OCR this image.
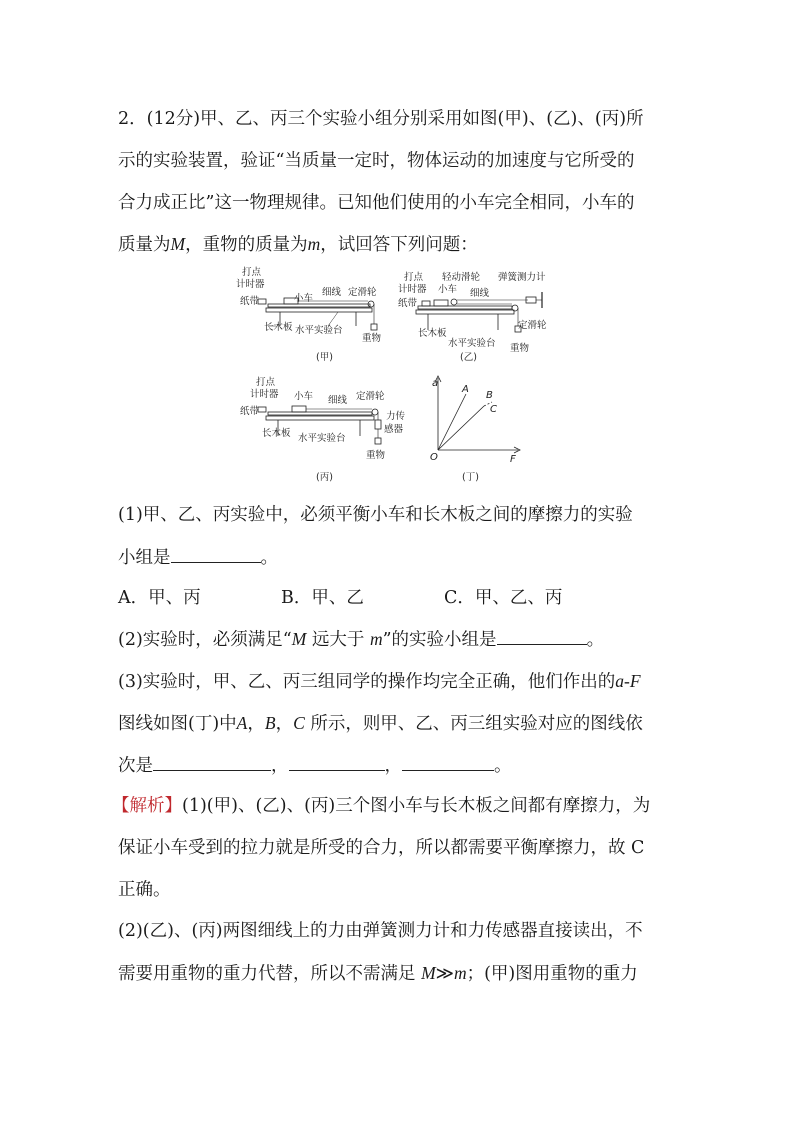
2．(12分)甲、乙、丙三个实验小组分别采用如图(甲)、(乙)、(丙)所
示的实验装置，验证“当质量一定时，物体运动的加速度与它所受的
合力成正比”这一物理规律。已知他们使用的小车完全相同，小车的
质量为M，重物的质量为m，试回答下列问题：
打点
计时器
小车
细线 定滑轮
纸带
长木板 水平实验台
重物
(甲)
打点 轻动滑轮 弹簧测力计
计时器 小车 细线
纸带
长木板
定滑轮
水平实验台 重物
(乙)
打点
计时器 小车 细线 定滑轮
纸带	力传
感器
长木板 水平实验台
重物
(丙)
a
A
B
C
O	F
(丁)
(1)甲、乙、丙实验中，必须平衡小车和长木板之间的摩擦力的实验
小组是	。
A．甲、丙	B．甲、乙	C．甲、乙、丙
(2)实验时，必须满足“M 远大于 m”的实验小组是	。
(3)实验时，甲、乙、丙三组同学的操作均完全正确，他们作出的a-F
图线如图(丁)中A，B，C 所示，则甲、乙、丙三组实验对应的图线依
次是	，	，	。
【解析】(1)(甲)、(乙)、(丙)三个图小车与长木板之间都有摩擦力，为
保证小车受到的拉力就是所受的合力，所以都需要平衡摩擦力，故 C
正确。
(2)(乙)、(丙)两图细线上的力由弹簧测力计和力传感器直接读出，不
需要用重物的重力代替，所以不需满足 M≫m；(甲)图用重物的重力
